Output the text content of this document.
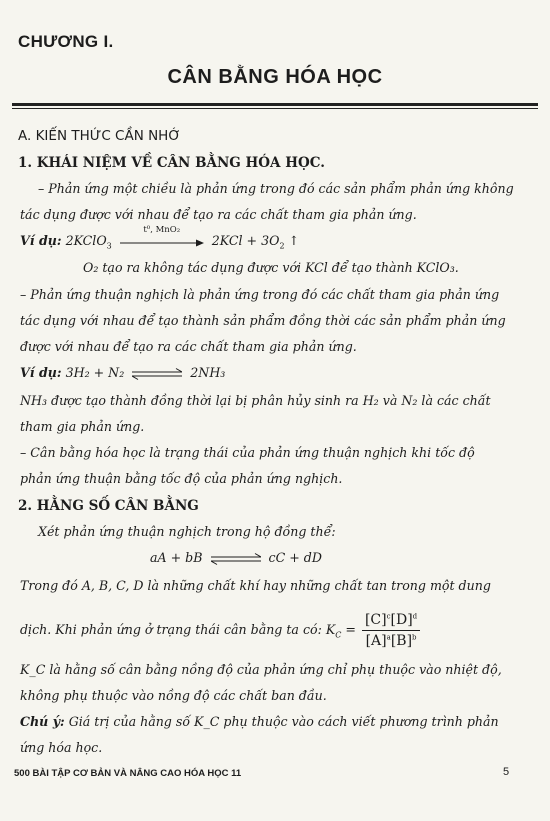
CHƯƠNG I.
CÂN BẰNG HÓA HỌC
A. KIẾN THỨC CẦN NHỚ
1. KHÁI NIỆM VỀ CÂN BẰNG HÓA HỌC.
– Phản ứng một chiều là phản ứng trong đó các sản phẩm phản ứng không
tác dụng được với nhau để tạo ra các chất tham gia phản ứng.
Ví dụ: 2KClO$_3$
t⁰, MnO₂
$2KCl + 3O_2$ ↑
O₂ tạo ra không tác dụng được với KCl để tạo thành KClO₃.
– Phản ứng thuận nghịch là phản ứng trong đó các chất tham gia phản ứng
tác dụng với nhau để tạo thành sản phẩm đồng thời các sản phẩm phản ứng
được với nhau để tạo ra các chất tham gia phản ứng.
Ví dụ: 3H₂ + N₂ ⇌ 2NH₃
NH₃ được tạo thành đồng thời lại bị phân hủy sinh ra H₂ và N₂ là các chất
tham gia phản ứng.
– Cân bằng hóa học là trạng thái của phản ứng thuận nghịch khi tốc độ
phản ứng thuận bằng tốc độ của phản ứng nghịch.
2. HẰNG SỐ CÂN BẰNG
Xét phản ứng thuận nghịch trong hộ đồng thể:
aA + bB ⇌ cC + dD
Trong đó A, B, C, D là những chất khí hay những chất tan trong một dung
dịch. Khi phản ứng ở trạng thái cân bằng ta có: $K_C = \frac{[C]^c[D]^d}{[A]^a[B]^b}$
K_C là hằng số cân bằng nồng độ của phản ứng chỉ phụ thuộc vào nhiệt độ,
không phụ thuộc vào nồng độ các chất ban đầu.
Chú ý: Giá trị của hằng số K_C phụ thuộc vào cách viết phương trình phản
ứng hóa học.
500 BÀI TẬP CƠ BẢN VÀ NÂNG CAO HÓA HỌC 11	5
